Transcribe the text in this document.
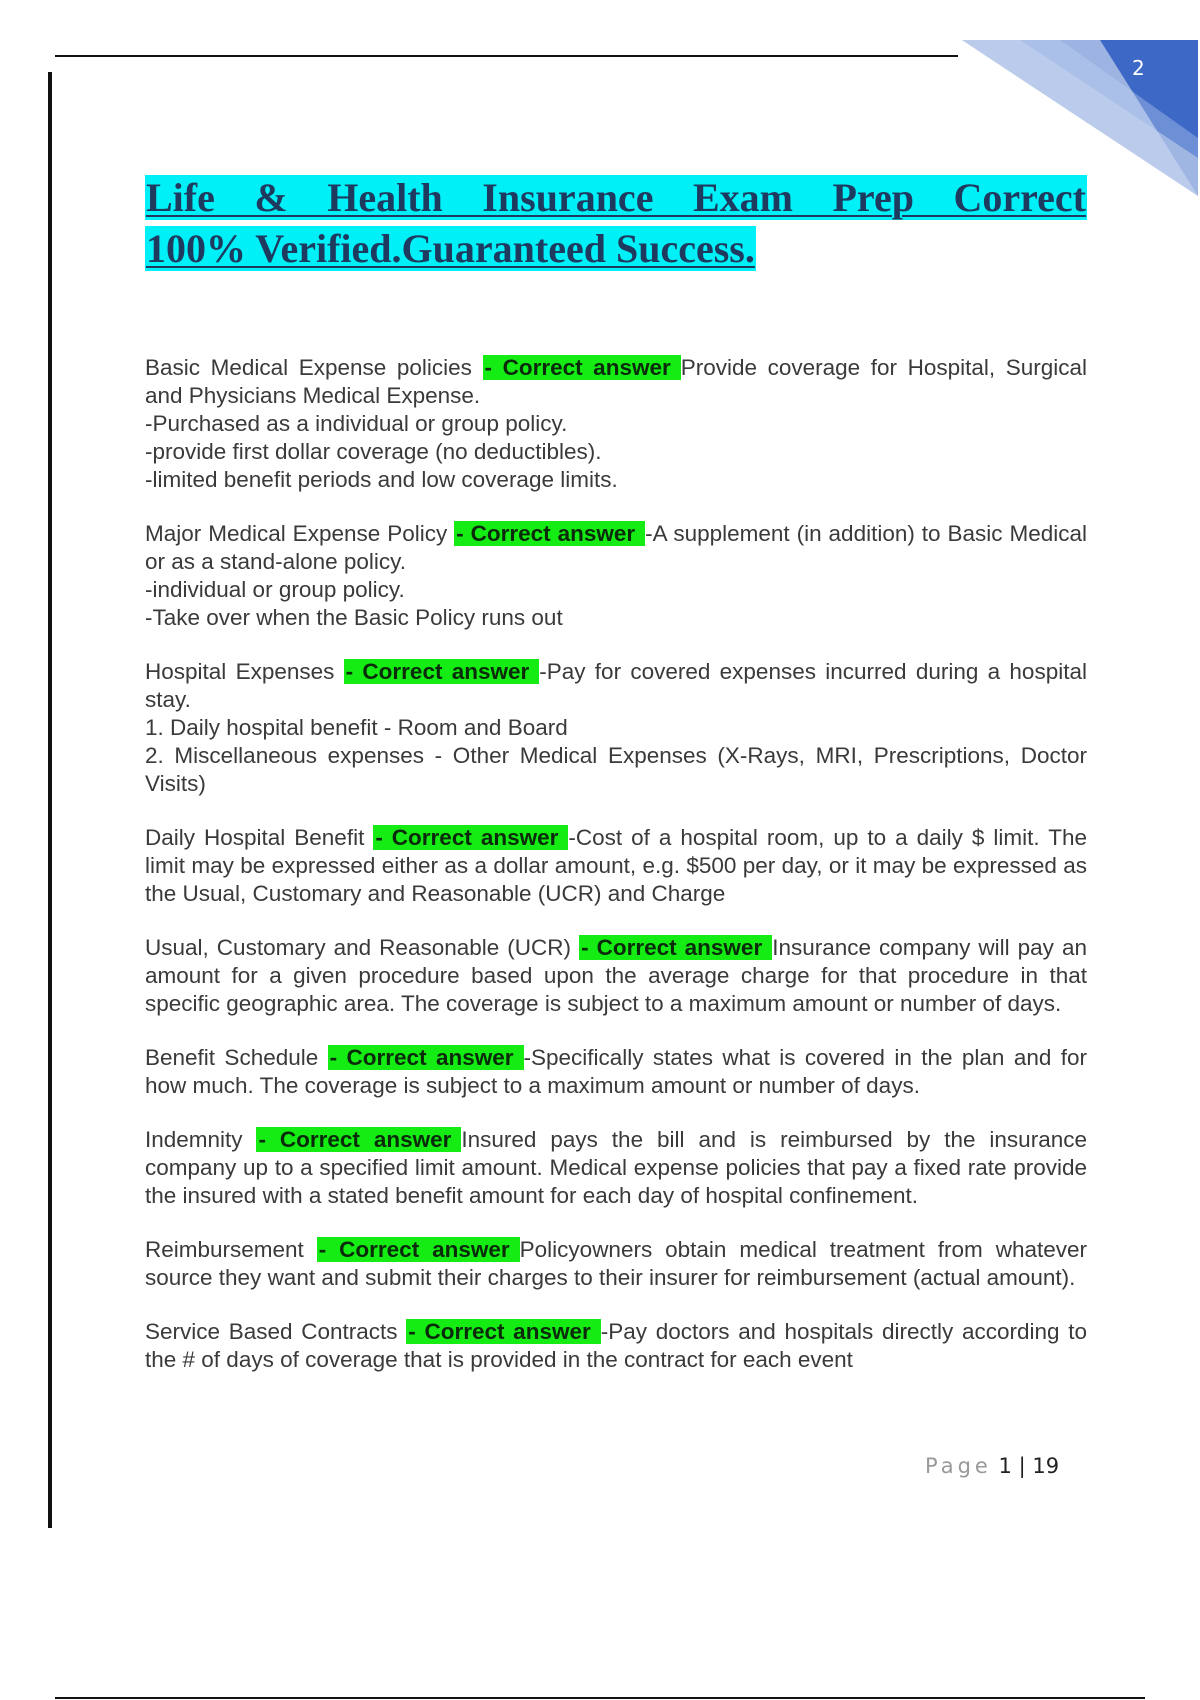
2
Life & Health Insurance Exam Prep Correct
100% Verified.Guaranteed Success.

Basic Medical Expense policies - Correct answer Provide coverage for Hospital, Surgical and Physicians Medical Expense.
-Purchased as a individual or group policy.
-provide first dollar coverage (no deductibles).
-limited benefit periods and low coverage limits.

Major Medical Expense Policy - Correct answer -A supplement (in addition) to Basic Medical or as a stand-alone policy.
-individual or group policy.
-Take over when the Basic Policy runs out

Hospital Expenses - Correct answer -Pay for covered expenses incurred during a hospital stay.
1. Daily hospital benefit - Room and Board
2. Miscellaneous expenses - Other Medical Expenses (X-Rays, MRI, Prescriptions, Doctor Visits)

Daily Hospital Benefit - Correct answer -Cost of a hospital room, up to a daily $ limit. The limit may be expressed either as a dollar amount, e.g. $500 per day, or it may be expressed as the Usual, Customary and Reasonable (UCR) and Charge

Usual, Customary and Reasonable (UCR) - Correct answer Insurance company will pay an amount for a given procedure based upon the average charge for that procedure in that specific geographic area. The coverage is subject to a maximum amount or number of days.

Benefit Schedule - Correct answer -Specifically states what is covered in the plan and for how much. The coverage is subject to a maximum amount or number of days.

Indemnity - Correct answer Insured pays the bill and is reimbursed by the insurance company up to a specified limit amount. Medical expense policies that pay a fixed rate provide the insured with a stated benefit amount for each day of hospital confinement.

Reimbursement - Correct answer Policyowners obtain medical treatment from whatever source they want and submit their charges to their insurer for reimbursement (actual amount).

Service Based Contracts - Correct answer -Pay doctors and hospitals directly according to the # of days of coverage that is provided in the contract for each event

Page 1 | 19
